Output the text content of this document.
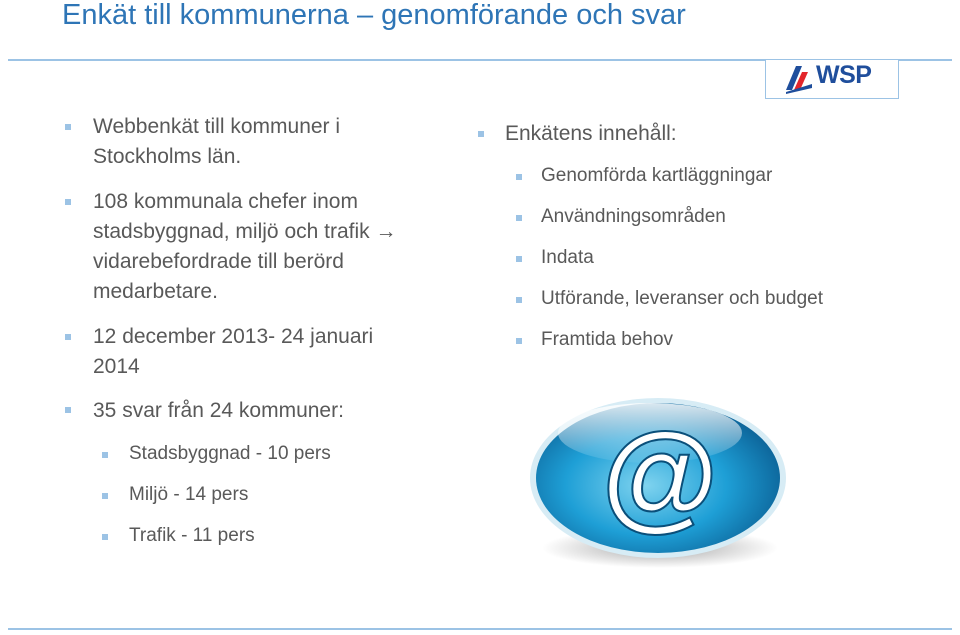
Enkät till kommunerna – genomförande och svar
WSP
Webbenkät till kommuner i
Stockholms län.
108 kommunala chefer inom
stadsbyggnad, miljö och trafik →
vidarebefordrade till berörd
medarbetare.
12 december 2013- 24 januari
2014
35 svar från 24 kommuner:
Stadsbyggnad - 10 pers
Miljö - 14 pers
Trafik - 11 pers
Enkätens innehåll:
Genomförda kartläggningar
Användningsområden
Indata
Utförande, leveranser och budget
Framtida behov
@
